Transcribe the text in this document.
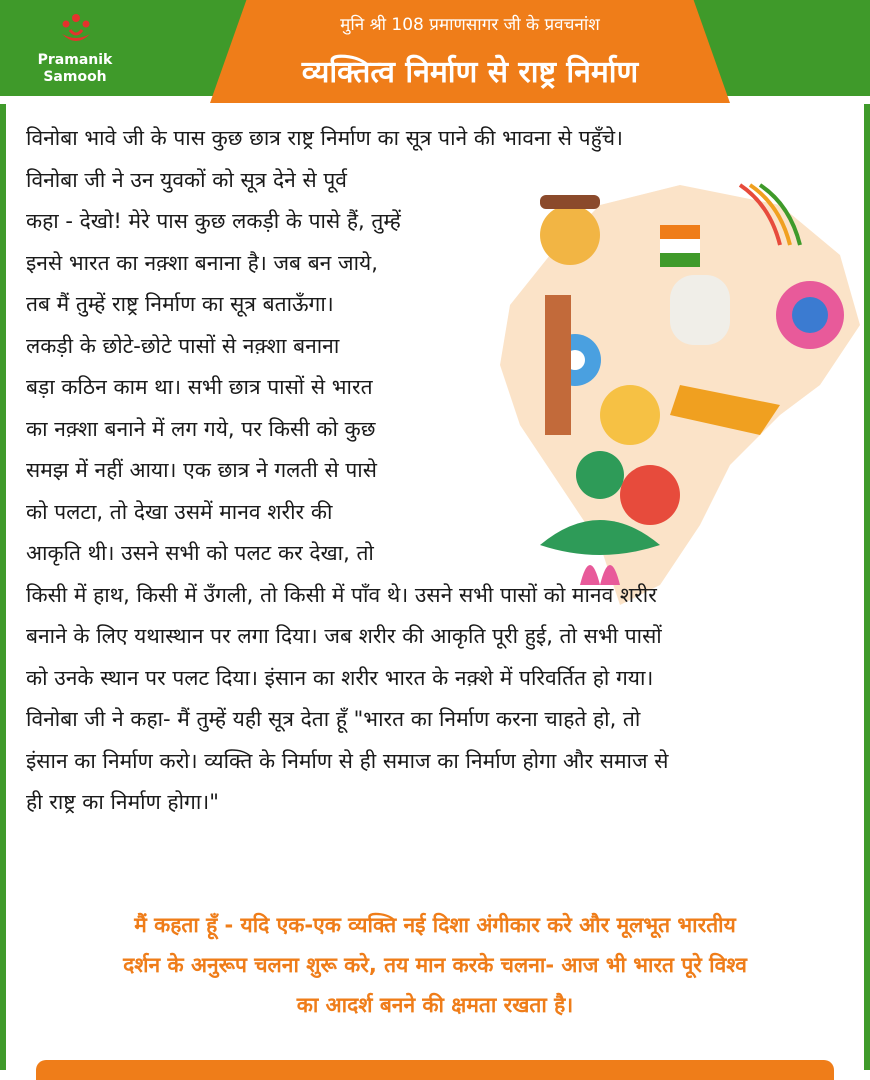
मुनि श्री 108 प्रमाणसागर जी के प्रवचनांश
व्यक्तित्व निर्माण से राष्ट्र निर्माण
Pramanik
Samooh
विनोबा भावे जी के पास कुछ छात्र राष्ट्र निर्माण का सूत्र पाने की भावना से पहुँचे।
विनोबा जी ने उन युवकों को सूत्र देने से पूर्व
कहा - देखो! मेरे पास कुछ लकड़ी के पासे हैं, तुम्हें
इनसे भारत का नक़्शा बनाना है। जब बन जाये,
तब मैं तुम्हें राष्ट्र निर्माण का सूत्र बताऊँगा।
लकड़ी के छोटे-छोटे पासों से नक़्शा बनाना
बड़ा कठिन काम था। सभी छात्र पासों से भारत
का नक़्शा बनाने में लग गये, पर किसी को कुछ
समझ में नहीं आया। एक छात्र ने गलती से पासे
को पलटा, तो देखा उसमें मानव शरीर की
आकृति थी। उसने सभी को पलट कर देखा, तो
किसी में हाथ, किसी में उँगली, तो किसी में पाँव थे। उसने सभी पासों को मानव शरीर
बनाने के लिए यथास्थान पर लगा दिया। जब शरीर की आकृति पूरी हुई, तो सभी पासों
को उनके स्थान पर पलट दिया। इंसान का शरीर भारत के नक़्शे में परिवर्तित हो गया।
विनोबा जी ने कहा- मैं तुम्हें यही सूत्र देता हूँ "भारत का निर्माण करना चाहते हो, तो
इंसान का निर्माण करो। व्यक्ति के निर्माण से ही समाज का निर्माण होगा और समाज से
ही राष्ट्र का निर्माण होगा।"
मैं कहता हूँ - यदि एक-एक व्यक्ति नई दिशा अंगीकार करे और मूलभूत भारतीय
दर्शन के अनुरूप चलना शुरू करे, तय मान करके चलना- आज भी भारत पूरे विश्व
का आदर्श बनने की क्षमता रखता है।
